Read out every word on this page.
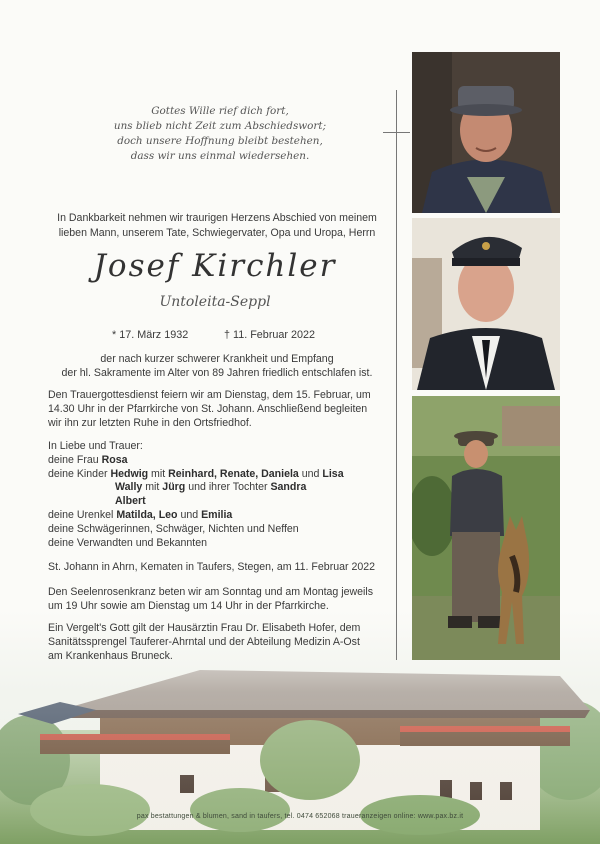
Gottes Wille rief dich fort,
uns blieb nicht Zeit zum Abschiedswort;
doch unsere Hoffnung bleibt bestehen,
dass wir uns einmal wiedersehen.
In Dankbarkeit nehmen wir traurigen Herzens Abschied von meinem
lieben Mann, unserem Tate, Schwiegervater, Opa und Uropa, Herrn
Josef Kirchler
Untoleita-Seppl
* 17. März 1932	† 11. Februar 2022
der nach kurzer schwerer Krankheit und Empfang
der hl. Sakramente im Alter von 89 Jahren friedlich entschlafen ist.
Den Trauergottesdienst feiern wir am Dienstag, dem 15. Februar, um
14.30 Uhr in der Pfarrkirche von St. Johann. Anschließend begleiten
wir ihn zur letzten Ruhe in den Ortsfriedhof.
In Liebe und Trauer:
deine Frau Rosa
deine Kinder Hedwig mit Reinhard, Renate, Daniela und Lisa
Wally mit Jürg und ihrer Tochter Sandra
Albert
deine Urenkel Matilda, Leo und Emilia
deine Schwägerinnen, Schwäger, Nichten und Neffen
deine Verwandten und Bekannten
St. Johann in Ahrn, Kematen in Taufers, Stegen, am 11. Februar 2022
Den Seelenrosenkranz beten wir am Sonntag und am Montag jeweils
um 19 Uhr sowie am Dienstag um 14 Uhr in der Pfarrkirche.
Ein Vergelt's Gott gilt der Hausärztin Frau Dr. Elisabeth Hofer, dem
Sanitätssprengel Tauferer-Ahrntal und der Abteilung Medizin A-Ost
am Krankenhaus Bruneck.
pax bestattungen & blumen, sand in taufers, tel. 0474 652068 traueranzeigen online: www.pax.bz.it
